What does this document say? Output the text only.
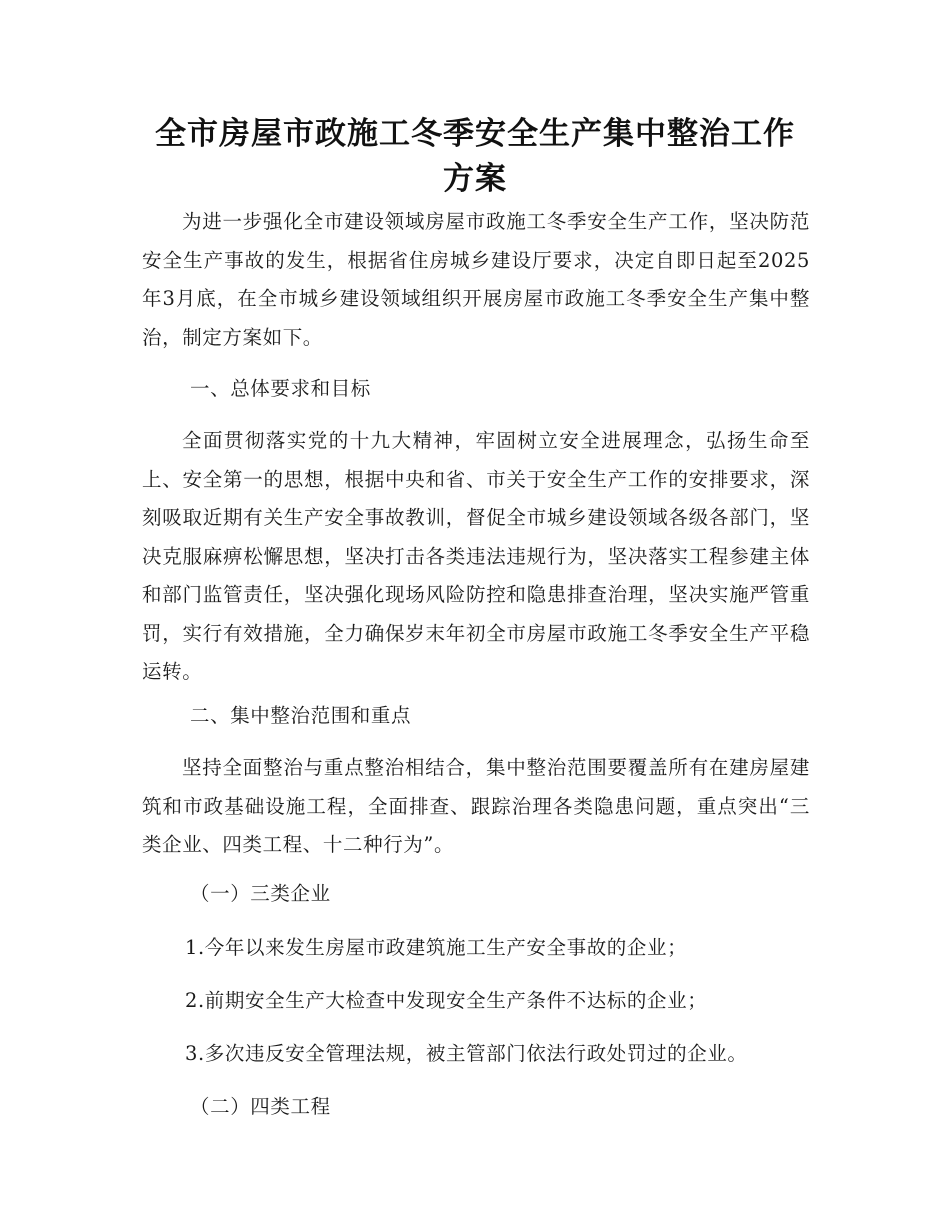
全市房屋市政施工冬季安全生产集中整治工作方案

为进一步强化全市建设领域房屋市政施工冬季安全生产工作，坚决防范安全生产事故的发生，根据省住房城乡建设厅要求，决定自即日起至2025年3月底，在全市城乡建设领域组织开展房屋市政施工冬季安全生产集中整治，制定方案如下。

一、总体要求和目标

全面贯彻落实党的十九大精神，牢固树立安全进展理念，弘扬生命至上、安全第一的思想，根据中央和省、市关于安全生产工作的安排要求，深刻吸取近期有关生产安全事故教训，督促全市城乡建设领域各级各部门，坚决克服麻痹松懈思想，坚决打击各类违法违规行为，坚决落实工程参建主体和部门监管责任，坚决强化现场风险防控和隐患排查治理，坚决实施严管重罚，实行有效措施，全力确保岁末年初全市房屋市政施工冬季安全生产平稳运转。

二、集中整治范围和重点

坚持全面整治与重点整治相结合，集中整治范围要覆盖所有在建房屋建筑和市政基础设施工程，全面排查、跟踪治理各类隐患问题，重点突出“三类企业、四类工程、十二种行为”。

（一）三类企业

1.今年以来发生房屋市政建筑施工生产安全事故的企业；

2.前期安全生产大检查中发现安全生产条件不达标的企业；

3.多次违反安全管理法规，被主管部门依法行政处罚过的企业。

（二）四类工程
